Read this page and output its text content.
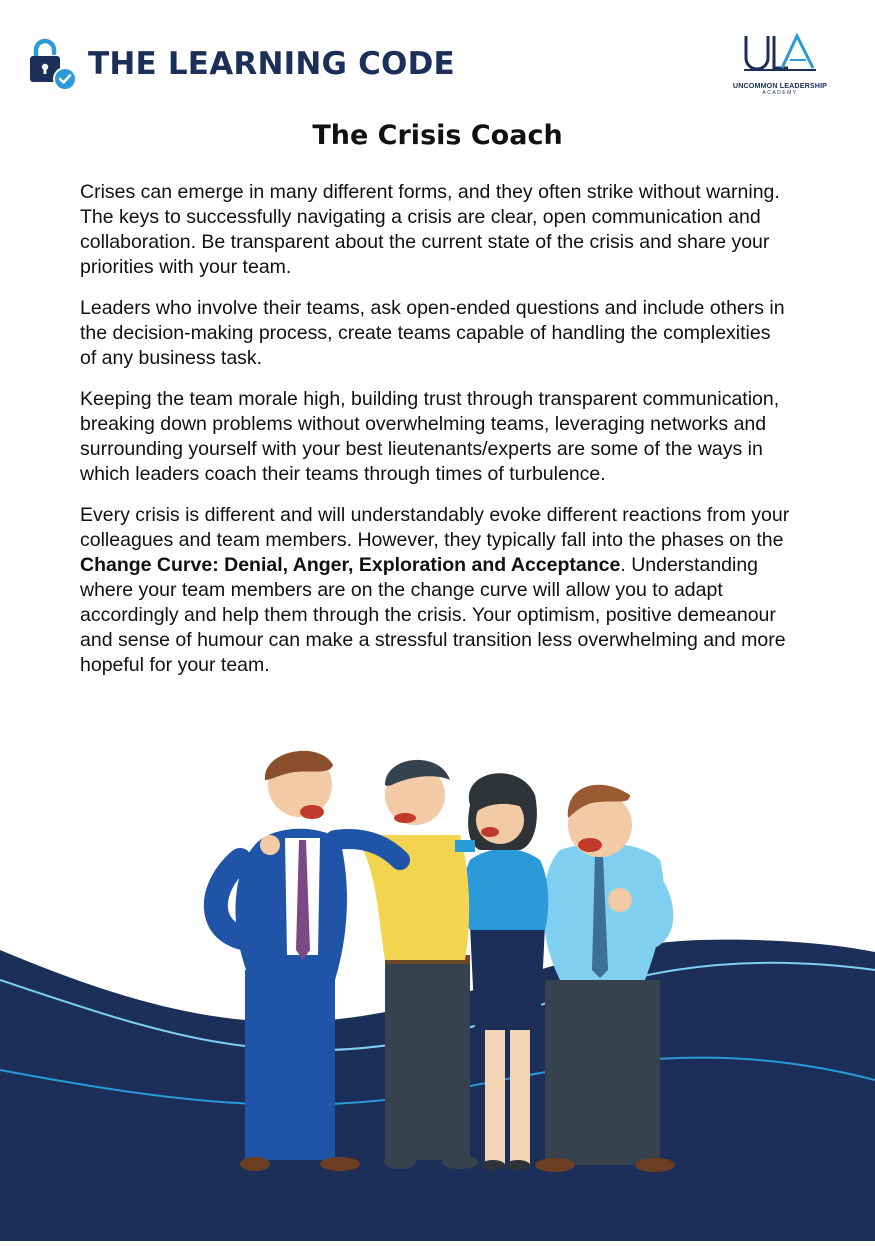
THE LEARNING CODE
UNCOMMON LEADERSHIP
ACADEMY
The Crisis Coach

Crises can emerge in many different forms, and they often strike without warning. The keys to successfully navigating a crisis are clear, open communication and collaboration. Be transparent about the current state of the crisis and share your priorities with your team.

Leaders who involve their teams, ask open-ended questions and include others in the decision-making process, create teams capable of handling the complexities of any business task.

Keeping the team morale high, building trust through transparent communication, breaking down problems without overwhelming teams, leveraging networks and surrounding yourself with your best lieutenants/experts are some of the ways in which leaders coach their teams through times of turbulence.

Every crisis is different and will understandably evoke different reactions from your colleagues and team members. However, they typically fall into the phases on the Change Curve: Denial, Anger, Exploration and Acceptance. Understanding where your team members are on the change curve will allow you to adapt accordingly and help them through the crisis. Your optimism, positive demeanour and sense of humour can make a stressful transition less overwhelming and more hopeful for your team.
